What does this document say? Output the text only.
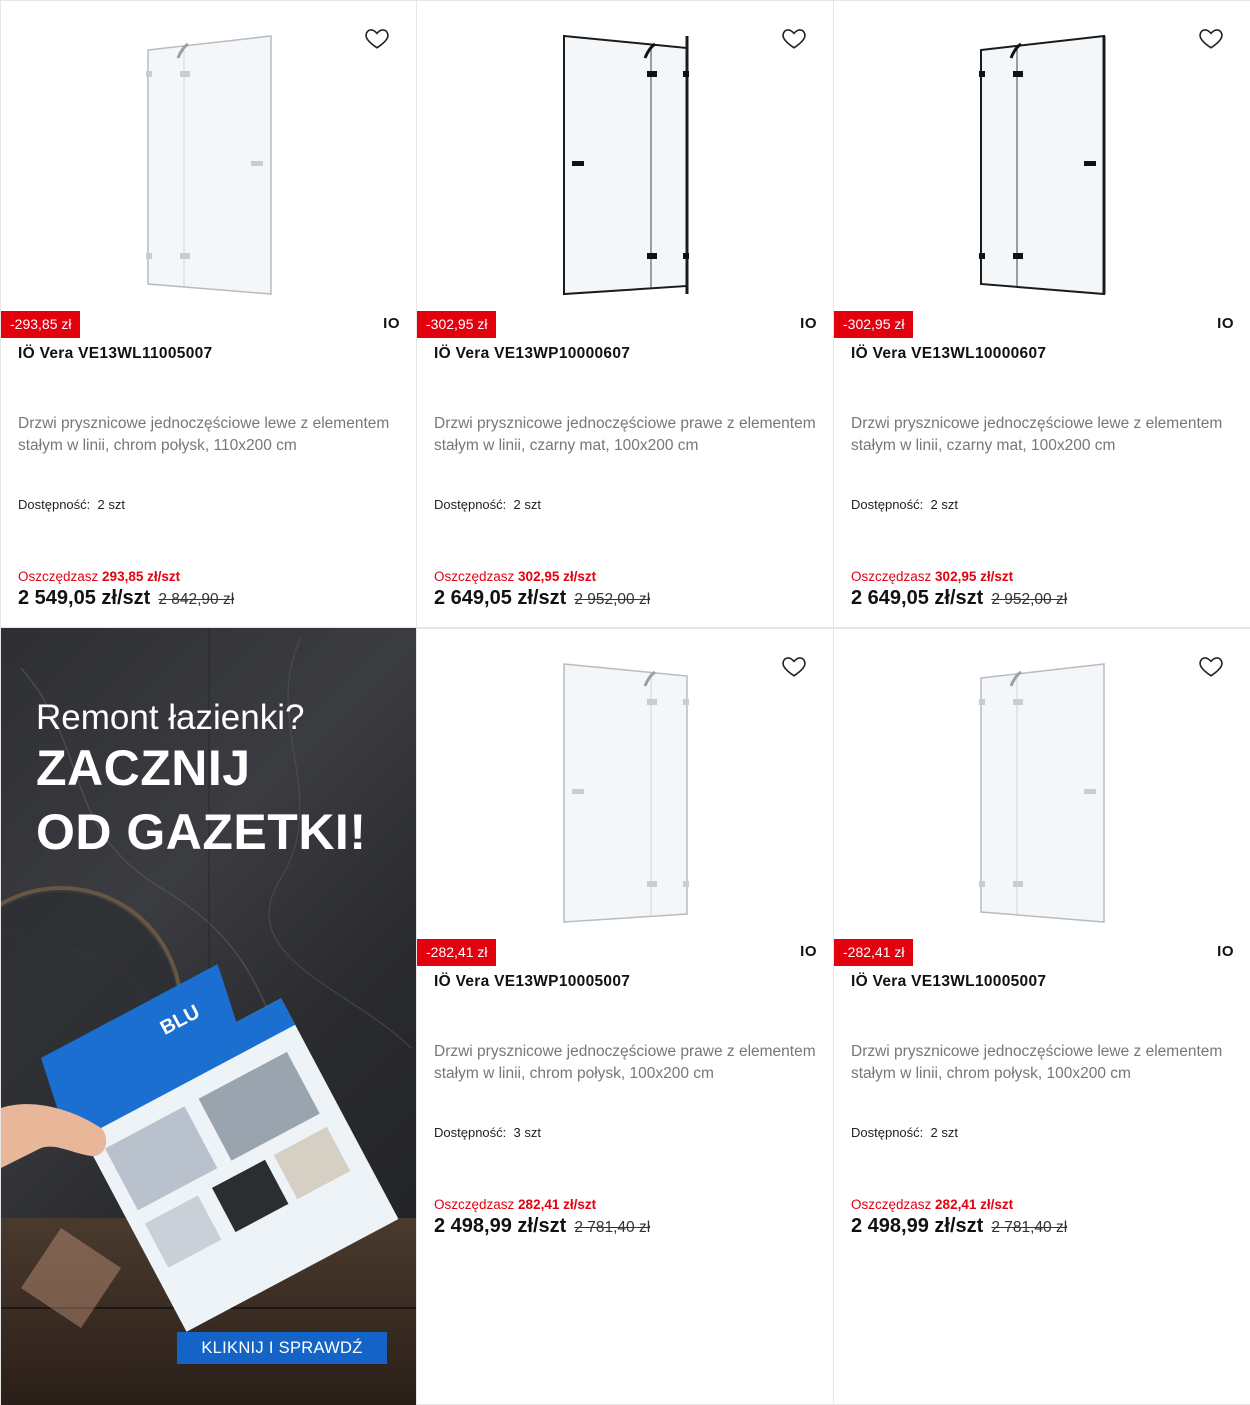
-293,85 zł	IO
IÖ Vera VE13WL11005007
Drzwi prysznicowe jednoczęściowe lewe z elementem stałym w linii, chrom połysk, 110x200 cm
Dostępność: 2 szt
Oszczędzasz 293,85 zł/szt
2 549,05 zł/szt 2 842,90 zł
-302,95 zł	IO
IÖ Vera VE13WP10000607
Drzwi prysznicowe jednoczęściowe prawe z elementem stałym w linii, czarny mat, 100x200 cm
Dostępność: 2 szt
Oszczędzasz 302,95 zł/szt
2 649,05 zł/szt 2 952,00 zł
-302,95 zł	IO
IÖ Vera VE13WL10000607
Drzwi prysznicowe jednoczęściowe lewe z elementem stałym w linii, czarny mat, 100x200 cm
Dostępność: 2 szt
Oszczędzasz 302,95 zł/szt
2 649,05 zł/szt 2 952,00 zł
BLU
Remont łazienki?
ZACZNIJ
OD GAZETKI!
KLIKNIJ I SPRAWDŹ
-282,41 zł	IO
IÖ Vera VE13WP10005007
Drzwi prysznicowe jednoczęściowe prawe z elementem stałym w linii, chrom połysk, 100x200 cm
Dostępność: 3 szt
Oszczędzasz 282,41 zł/szt
2 498,99 zł/szt 2 781,40 zł
-282,41 zł	IO
IÖ Vera VE13WL10005007
Drzwi prysznicowe jednoczęściowe lewe z elementem stałym w linii, chrom połysk, 100x200 cm
Dostępność: 2 szt
Oszczędzasz 282,41 zł/szt
2 498,99 zł/szt 2 781,40 zł
